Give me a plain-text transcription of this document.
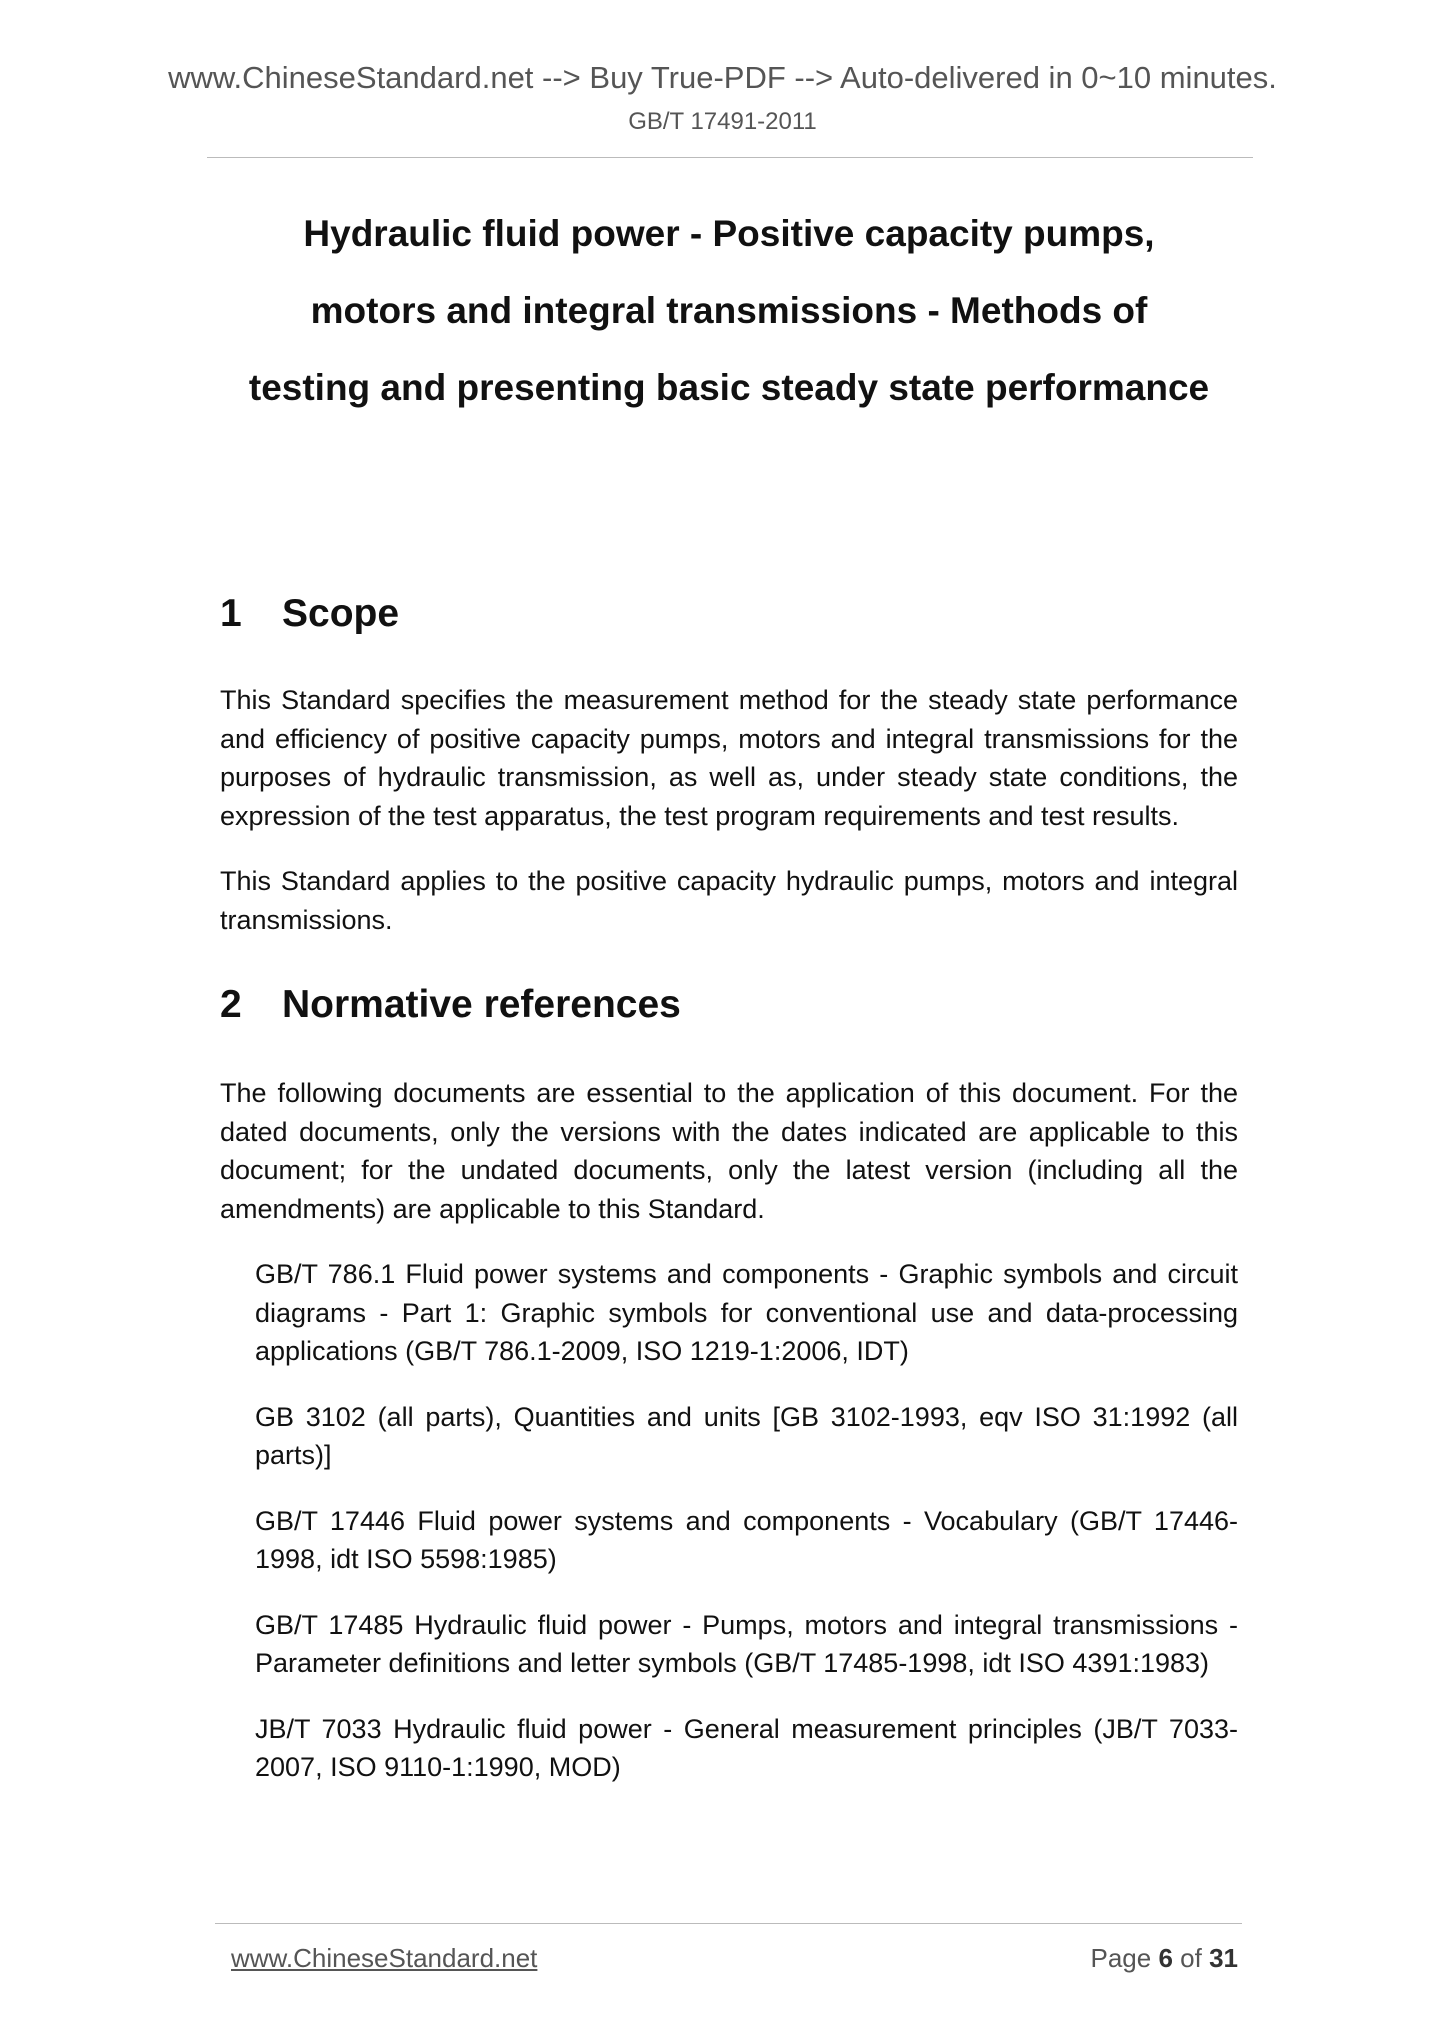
www.ChineseStandard.net --> Buy True-PDF --> Auto-delivered in 0~10 minutes.
GB/T 17491-2011
Hydraulic fluid power - Positive capacity pumps,
motors and integral transmissions - Methods of
testing and presenting basic steady state performance
1 Scope

This Standard specifies the measurement method for the steady state performance and efficiency of positive capacity pumps, motors and integral transmissions for the purposes of hydraulic transmission, as well as, under steady state conditions, the expression of the test apparatus, the test program requirements and test results.

This Standard applies to the positive capacity hydraulic pumps, motors and integral transmissions.

2 Normative references

The following documents are essential to the application of this document. For the dated documents, only the versions with the dates indicated are applicable to this document; for the undated documents, only the latest version (including all the amendments) are applicable to this Standard.

GB/T 786.1 Fluid power systems and components - Graphic symbols and circuit diagrams - Part 1: Graphic symbols for conventional use and data-processing applications (GB/T 786.1-2009, ISO 1219-1:2006, IDT)
GB 3102 (all parts), Quantities and units [GB 3102-1993, eqv ISO 31:1992 (all parts)]
GB/T 17446 Fluid power systems and components - Vocabulary (GB/T 17446-1998, idt ISO 5598:1985)
GB/T 17485 Hydraulic fluid power - Pumps, motors and integral transmissions - Parameter definitions and letter symbols (GB/T 17485-1998, idt ISO 4391:1983)
JB/T 7033 Hydraulic fluid power - General measurement principles (JB/T 7033-2007, ISO 9110-1:1990, MOD)
www.ChineseStandard.net	Page 6 of 31
